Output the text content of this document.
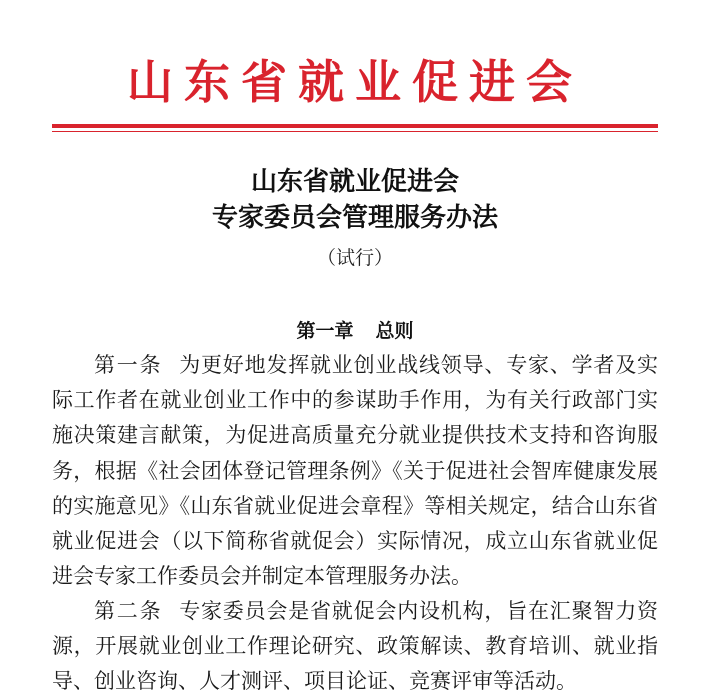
山东省就业促进会
山东省就业促进会
专家委员会管理服务办法
（试行）
第一章 总则

第一条 为更好地发挥就业创业战线领导、专家、学者及实际工作者在就业创业工作中的参谋助手作用，为有关行政部门实施决策建言献策，为促进高质量充分就业提供技术支持和咨询服务，根据《社会团体登记管理条例》《关于促进社会智库健康发展的实施意见》《山东省就业促进会章程》等相关规定，结合山东省就业促进会（以下简称省就促会）实际情况，成立山东省就业促进会专家工作委员会并制定本管理服务办法。

第二条 专家委员会是省就促会内设机构，旨在汇聚智力资源，开展就业创业工作理论研究、政策解读、教育培训、就业指导、创业咨询、人才测评、项目论证、竞赛评审等活动。
